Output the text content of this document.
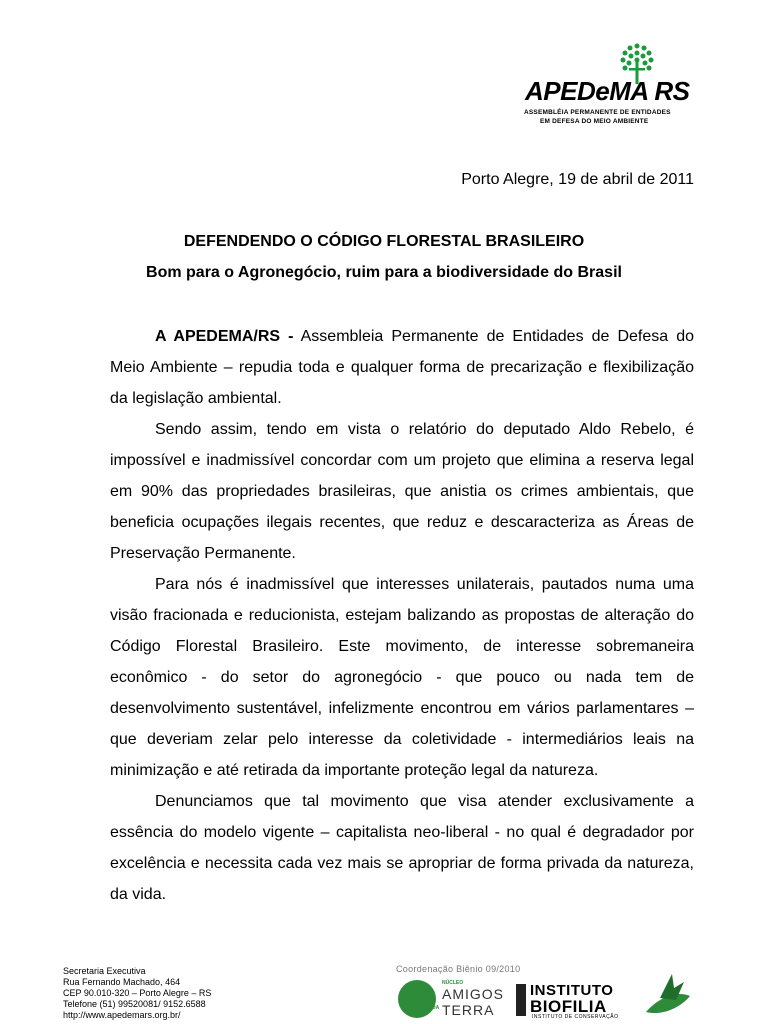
APEDeMA RS
ASSEMBLÉIA PERMANENTE DE ENTIDADES
EM DEFESA DO MEIO AMBIENTE
Porto Alegre, 19 de abril de 2011
DEFENDENDO O CÓDIGO FLORESTAL BRASILEIRO
Bom para o Agronegócio, ruim para a biodiversidade do Brasil

A APEDEMA/RS - Assembleia Permanente de Entidades de Defesa do Meio Ambiente – repudia toda e qualquer forma de precarização e flexibilização da legislação ambiental.

Sendo assim, tendo em vista o relatório do deputado Aldo Rebelo, é impossível e inadmissível concordar com um projeto que elimina a reserva legal em 90% das propriedades brasileiras, que anistia os crimes ambientais, que beneficia ocupações ilegais recentes, que reduz e descaracteriza as Áreas de Preservação Permanente.

Para nós é inadmissível que interesses unilaterais, pautados numa uma visão fracionada e reducionista, estejam balizando as propostas de alteração do Código Florestal Brasileiro. Este movimento, de interesse sobremaneira econômico - do setor do agronegócio - que pouco ou nada tem de desenvolvimento sustentável, infelizmente encontrou em vários parlamentares – que deveriam zelar pelo interesse da coletividade - intermediários leais na minimização e até retirada da importante proteção legal da natureza.

Denunciamos que tal movimento que visa atender exclusivamente a essência do modelo vigente – capitalista neo-liberal - no qual é degradador por excelência e necessita cada vez mais se apropriar de forma privada da natureza, da vida.

Secretaria Executiva
Rua Fernando Machado, 464
CEP 90.010-320 – Porto Alegre – RS
Telefone (51) 99520081/ 9152.6588
http://www.apedemars.org.br/
Coordenação Biênio 09/2010
NÚCLEO
AMIGOS
DA TERRA
INSTITUTO
BIOFILIA
INSTITUTO DE CONSERVAÇÃO
